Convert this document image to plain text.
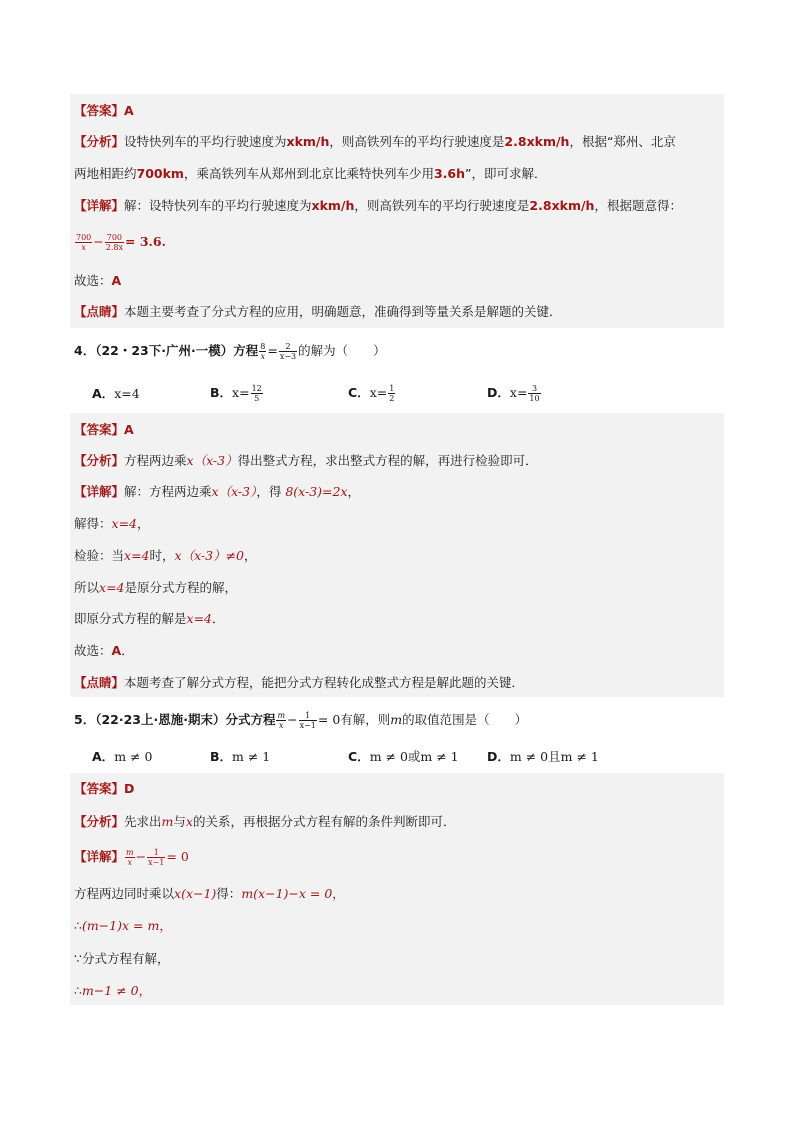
【答案】A
【分析】设特快列车的平均行驶速度为xkm/h，则高铁列车的平均行驶速度是2.8xkm/h，根据“郑州、北京
两地相距约700km，乘高铁列车从郑州到北京比乘特快列车少用3.6h”，即可求解．
【详解】解：设特快列车的平均行驶速度为xkm/h，则高铁列车的平均行驶速度是2.8xkm/h，根据题意得：
$\frac{700}{x} - \frac{700}{2.8x} = 3.6$.
故选：A
【点睛】本题主要考查了分式方程的应用，明确题意，准确得到等量关系是解题的关键．
4．（22・23下·广州·一模）方程 $\frac{8}{x} = \frac{2}{x-3}$ 的解为（　　）
A．x=4	B．$x= \frac{12}{5}$	C．$x= \frac{1}{2}$	D．$x= \frac{3}{10}$
【答案】A
【分析】方程两边乘x（x-3）得出整式方程，求出整式方程的解，再进行检验即可．
【详解】解：方程两边乘x（x-3），得 8(x-3)=2x，
解得：x=4，
检验：当x=4时，x（x-3）≠0，
所以x=4是原分式方程的解，
即原分式方程的解是x=4．
故选：A．
【点睛】本题考查了解分式方程，能把分式方程转化成整式方程是解此题的关键．
5．（22·23上·恩施·期末）分式方程 $\frac{m}{x} - \frac{1}{x-1} = 0$有解，则m的取值范围是（　　）
A．m ≠ 0	B．m ≠ 1	C．m ≠ 0或m ≠ 1 D．m ≠ 0且m ≠ 1
【答案】D
【分析】先求出m与x的关系，再根据分式方程有解的条件判断即可．
【详解】 $\frac{m}{x} - \frac{1}{x-1} = 0$
方程两边同时乘以x(x−1)得：m(x−1)−x = 0，
∴(m−1)x = m，
∵分式方程有解，
∴m−1 ≠ 0，
